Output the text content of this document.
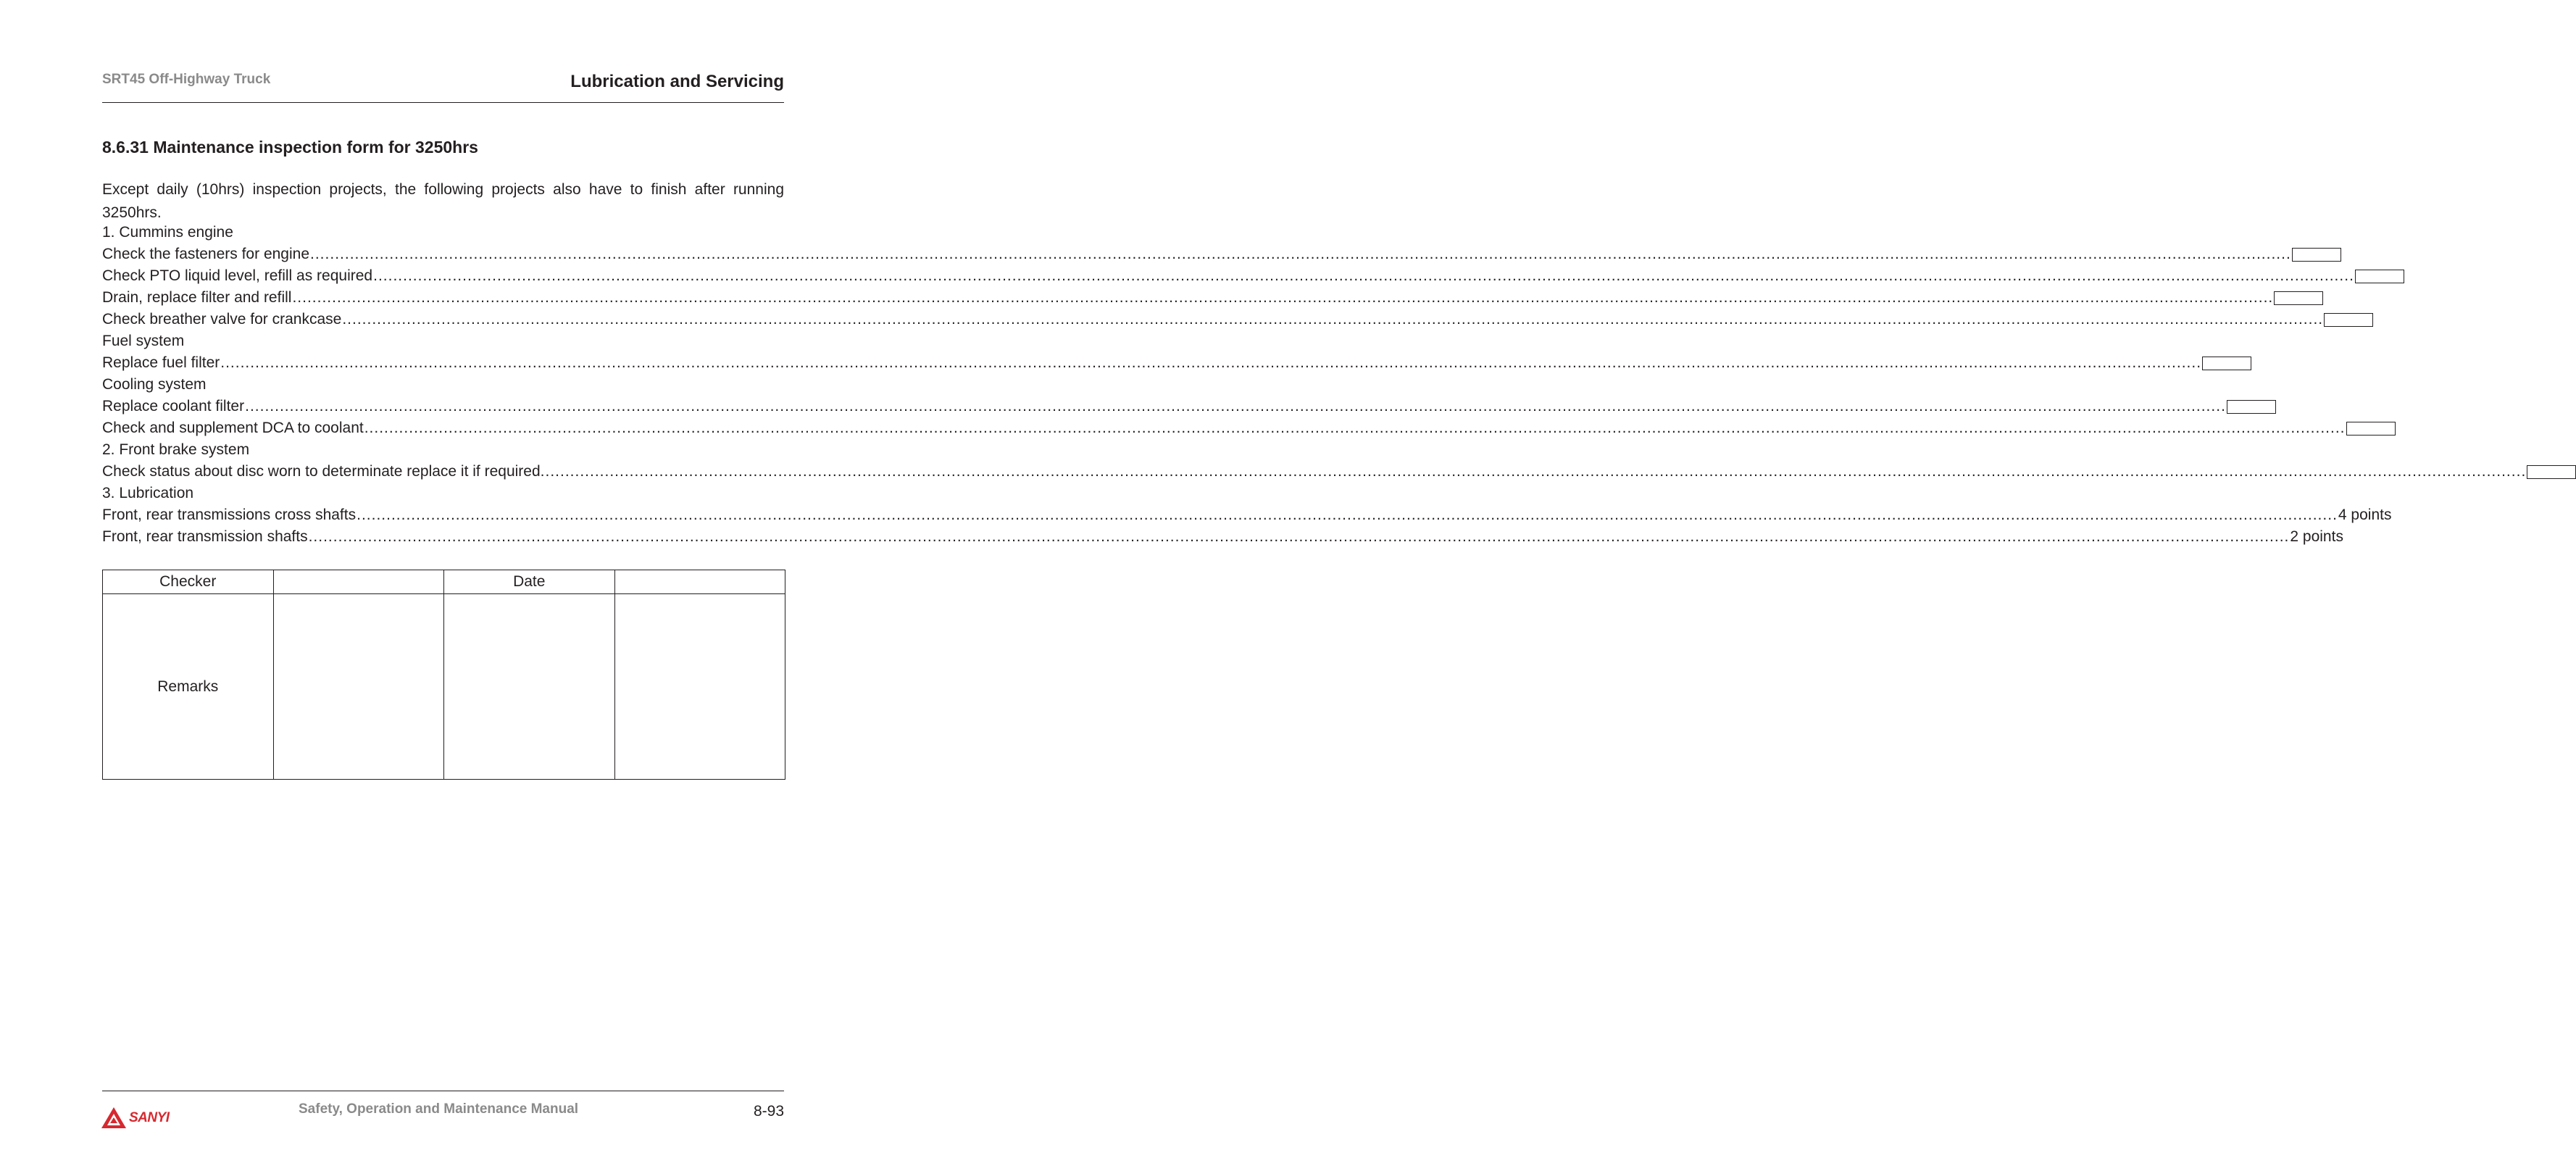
SRT45 Off-Highway Truck	Lubrication and Servicing
8.6.31 Maintenance inspection form for 3250hrs
Except daily (10hrs) inspection projects, the following projects also have to finish after running 3250hrs.
1. Cummins engine
Check the fasteners for engine ................................................................................................................................................................................................................................................................................................................................................................................................................
Check PTO liquid level, refill as required ................................................................................................................................................................................................................................................................................................................................................................................................................
Drain, replace filter and refill ................................................................................................................................................................................................................................................................................................................................................................................................................
Check breather valve for crankcase ................................................................................................................................................................................................................................................................................................................................................................................................................
Fuel system
Replace fuel filter ................................................................................................................................................................................................................................................................................................................................................................................................................
Cooling system
Replace coolant filter ................................................................................................................................................................................................................................................................................................................................................................................................................
Check and supplement DCA to coolant ................................................................................................................................................................................................................................................................................................................................................................................................................
2. Front brake system
Check status about disc worn to determinate replace it if required. ................................................................................................................................................................................................................................................................................................................................................................................................................
3. Lubrication
Front, rear transmissions cross shafts ................................................................................................................................................................................................................................................................................................................................................................................................................ 4 points
Front, rear transmission shafts ................................................................................................................................................................................................................................................................................................................................................................................................................ 2 points
Checker		Date	
Remarks			
SANYI
Safety, Operation and Maintenance Manual	8-93
